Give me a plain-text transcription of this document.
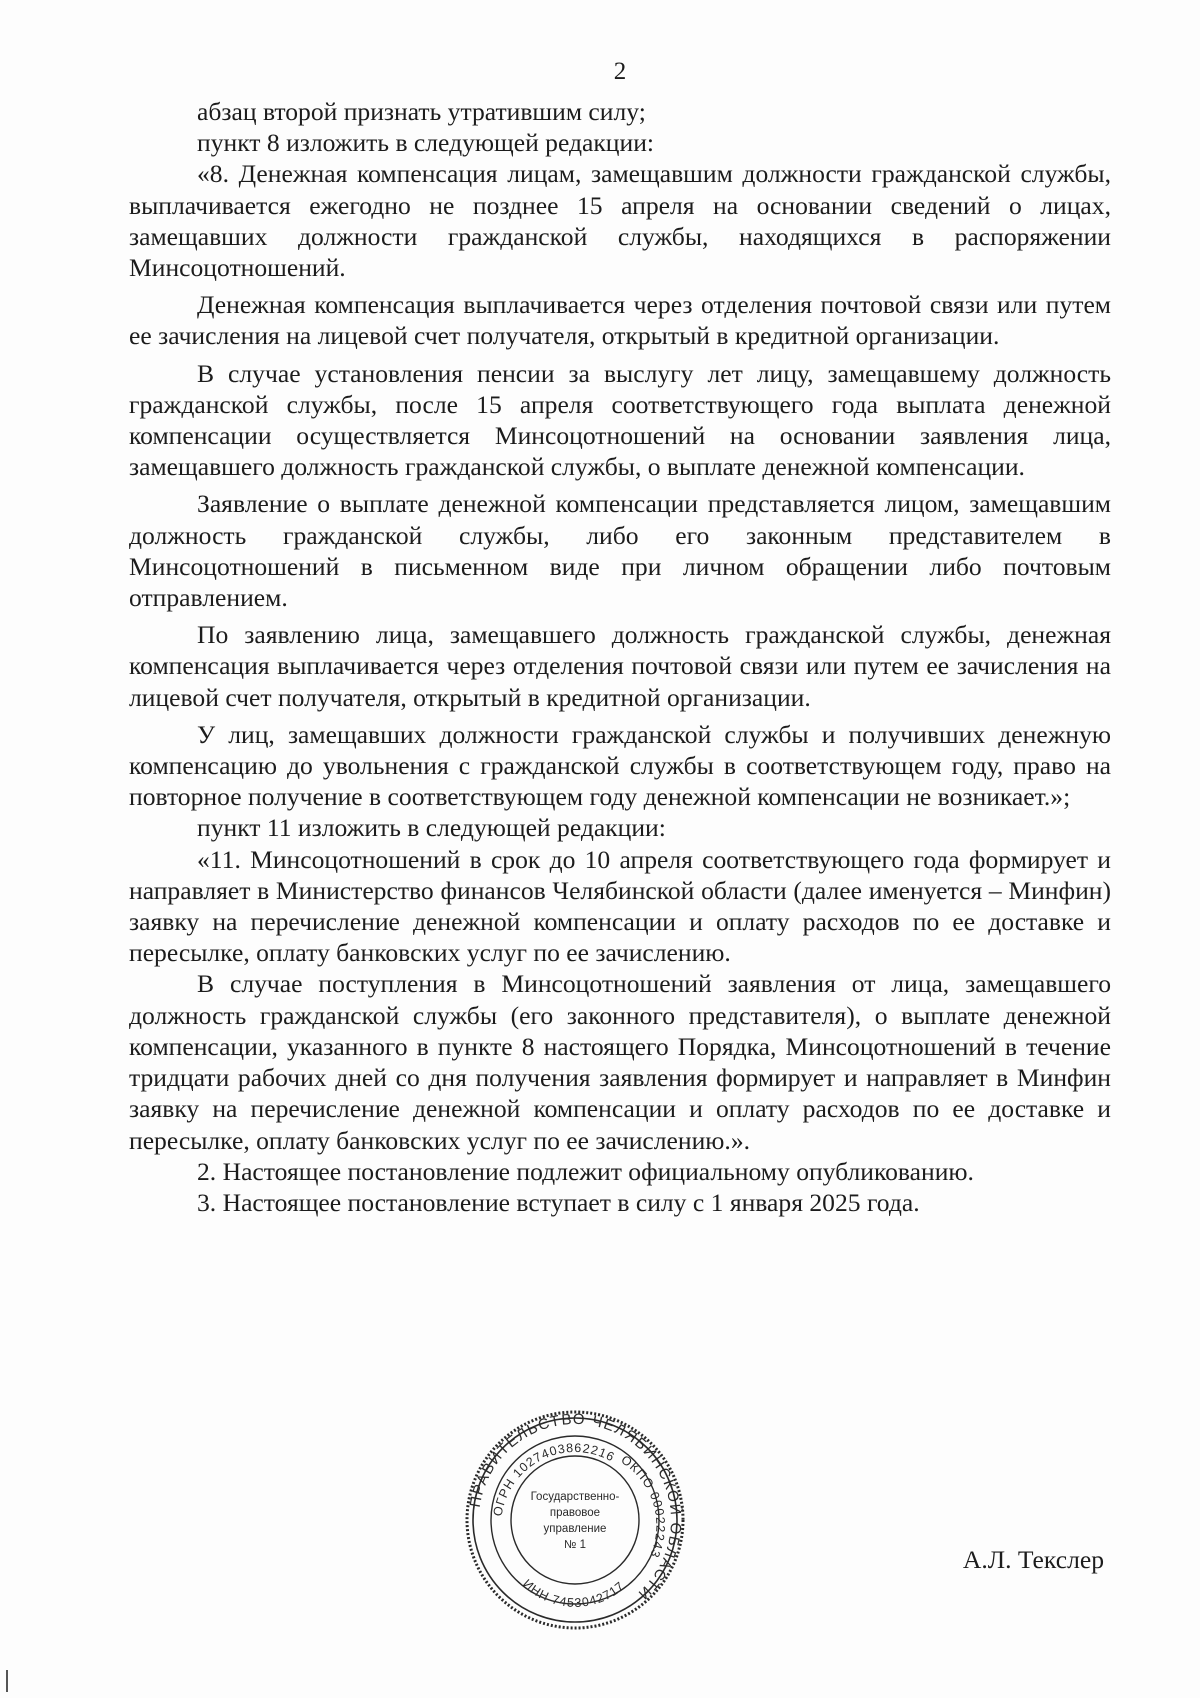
2

абзац второй признать утратившим силу;

пункт 8 изложить в следующей редакции:

«8. Денежная компенсация лицам, замещавшим должности гражданской службы, выплачивается ежегодно не позднее 15 апреля на основании сведений о лицах, замещавших должности гражданской службы, находящихся в распоряжении Минсоцотношений.

Денежная компенсация выплачивается через отделения почтовой связи или путем ее зачисления на лицевой счет получателя, открытый в кредитной организации.

В случае установления пенсии за выслугу лет лицу, замещавшему должность гражданской службы, после 15 апреля соответствующего года выплата денежной компенсации осуществляется Минсоцотношений на основании заявления лица, замещавшего должность гражданской службы, о выплате денежной компенсации.

Заявление о выплате денежной компенсации представляется лицом, замещавшим должность гражданской службы, либо его законным представителем в Минсоцотношений в письменном виде при личном обращении либо почтовым отправлением.

По заявлению лица, замещавшего должность гражданской службы, денежная компенсация выплачивается через отделения почтовой связи или путем ее зачисления на лицевой счет получателя, открытый в кредитной организации.

У лиц, замещавших должности гражданской службы и получивших денежную компенсацию до увольнения с гражданской службы в соответствующем году, право на повторное получение в соответствующем году денежной компенсации не возникает.»;

пункт 11 изложить в следующей редакции:

«11. Минсоцотношений в срок до 10 апреля соответствующего года формирует и направляет в Министерство финансов Челябинской области (далее именуется – Минфин) заявку на перечисление денежной компенсации и оплату расходов по ее доставке и пересылке, оплату банковских услуг по ее зачислению.

В случае поступления в Минсоцотношений заявления от лица, замещавшего должность гражданской службы (его законного представителя), о выплате денежной компенсации, указанного в пункте 8 настоящего Порядка, Минсоцотношений в течение тридцати рабочих дней со дня получения заявления формирует и направляет в Минфин заявку на перечисление денежной компенсации и оплату расходов по ее доставке и пересылке, оплату банковских услуг по ее зачислению.».

2. Настоящее постановление подлежит официальному опубликованию.

3. Настоящее постановление вступает в силу с 1 января 2025 года.

ПРАВИТЕЛЬСТВО ЧЕЛЯБИНСКОЙ ОБЛАСТИ
ОГРН 1027403862216 ОКПО 00022243
ИНН 7453042717
Государственно-
правовое
управление
№ 1	А.Л. Текслер
